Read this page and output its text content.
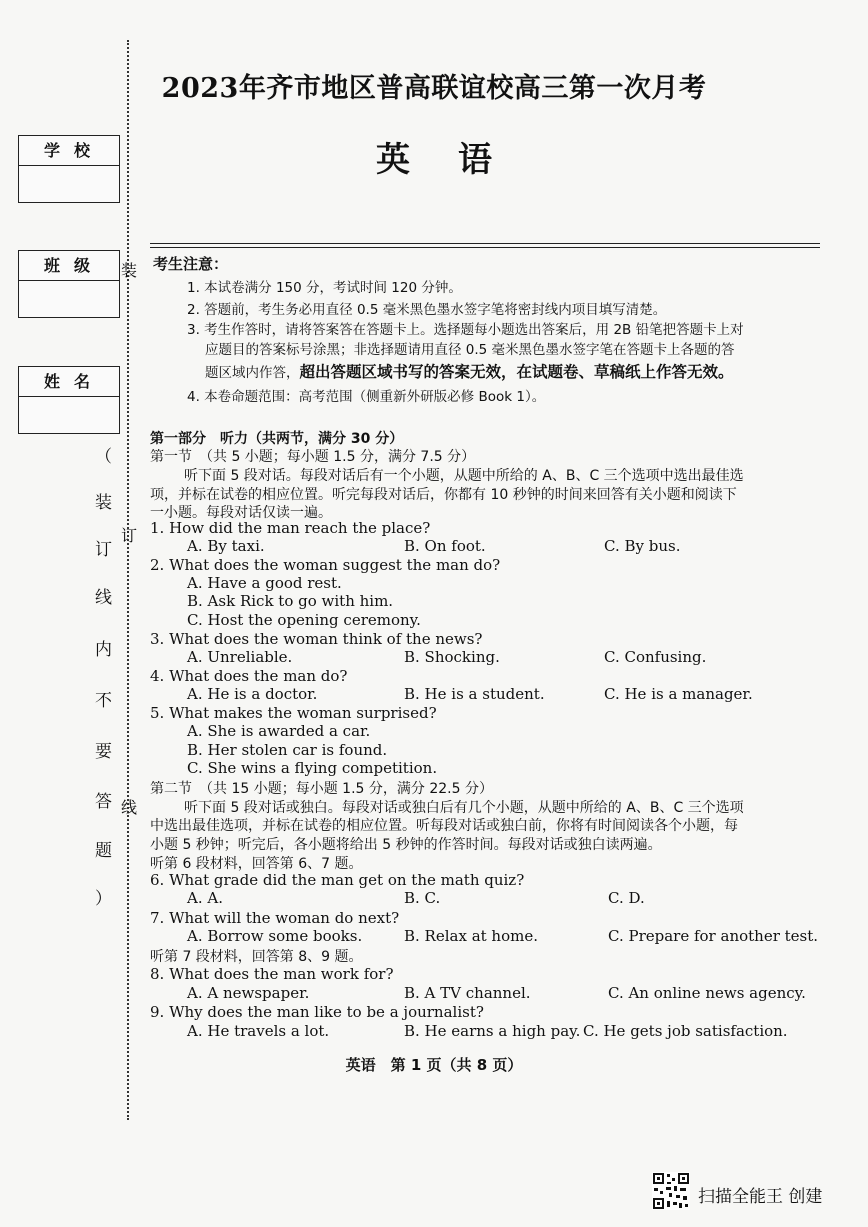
2023年齐市地区普高联谊校高三第一次月考
英语
学校
班级
姓名
装
订
线
（
装
订
线
内
不
要
答
题
）
考生注意：
1. 本试卷满分 150 分，考试时间 120 分钟。
2. 答题前，考生务必用直径 0.5 毫米黑色墨水签字笔将密封线内项目填写清楚。
3. 考生作答时，请将答案答在答题卡上。选择题每小题选出答案后，用 2B 铅笔把答题卡上对
应题目的答案标号涂黑；非选择题请用直径 0.5 毫米黑色墨水签字笔在答题卡上各题的答
题区域内作答，超出答题区域书写的答案无效，在试题卷、草稿纸上作答无效。
4. 本卷命题范围：高考范围（侧重新外研版必修 Book 1）。
第一部分　听力（共两节，满分 30 分）
第一节　（共 5 小题；每小题 1.5 分，满分 7.5 分）
听下面 5 段对话。每段对话后有一个小题，从题中所给的 A、B、C 三个选项中选出最佳选
项，并标在试卷的相应位置。听完每段对话后，你都有 10 秒钟的时间来回答有关小题和阅读下
一小题。每段对话仅读一遍。
1. How did the man reach the place?
A. By taxi.	B. On foot.	C. By bus.
2. What does the woman suggest the man do?
A. Have a good rest.
B. Ask Rick to go with him.
C. Host the opening ceremony.
3. What does the woman think of the news?
A. Unreliable.	B. Shocking.	C. Confusing.
4. What does the man do?
A. He is a doctor.	B. He is a student.	C. He is a manager.
5. What makes the woman surprised?
A. She is awarded a car.
B. Her stolen car is found.
C. She wins a flying competition.
第二节　（共 15 小题；每小题 1.5 分，满分 22.5 分）
听下面 5 段对话或独白。每段对话或独白后有几个小题，从题中所给的 A、B、C 三个选项
中选出最佳选项，并标在试卷的相应位置。听每段对话或独白前，你将有时间阅读各个小题，每
小题 5 秒钟；听完后，各小题将给出 5 秒钟的作答时间。每段对话或独白读两遍。
听第 6 段材料，回答第 6、7 题。
6. What grade did the man get on the math quiz?
A. A.	B. C.	C. D.
7. What will the woman do next?
A. Borrow some books.	B. Relax at home.	C. Prepare for another test.
听第 7 段材料，回答第 8、9 题。
8. What does the man work for?
A. A newspaper.	B. A TV channel.	C. An online news agency.
9. Why does the man like to be a journalist?
A. He travels a lot.	B. He earns a high pay. C. He gets job satisfaction.
英语　第 1 页（共 8 页）
扫描全能王 创建
